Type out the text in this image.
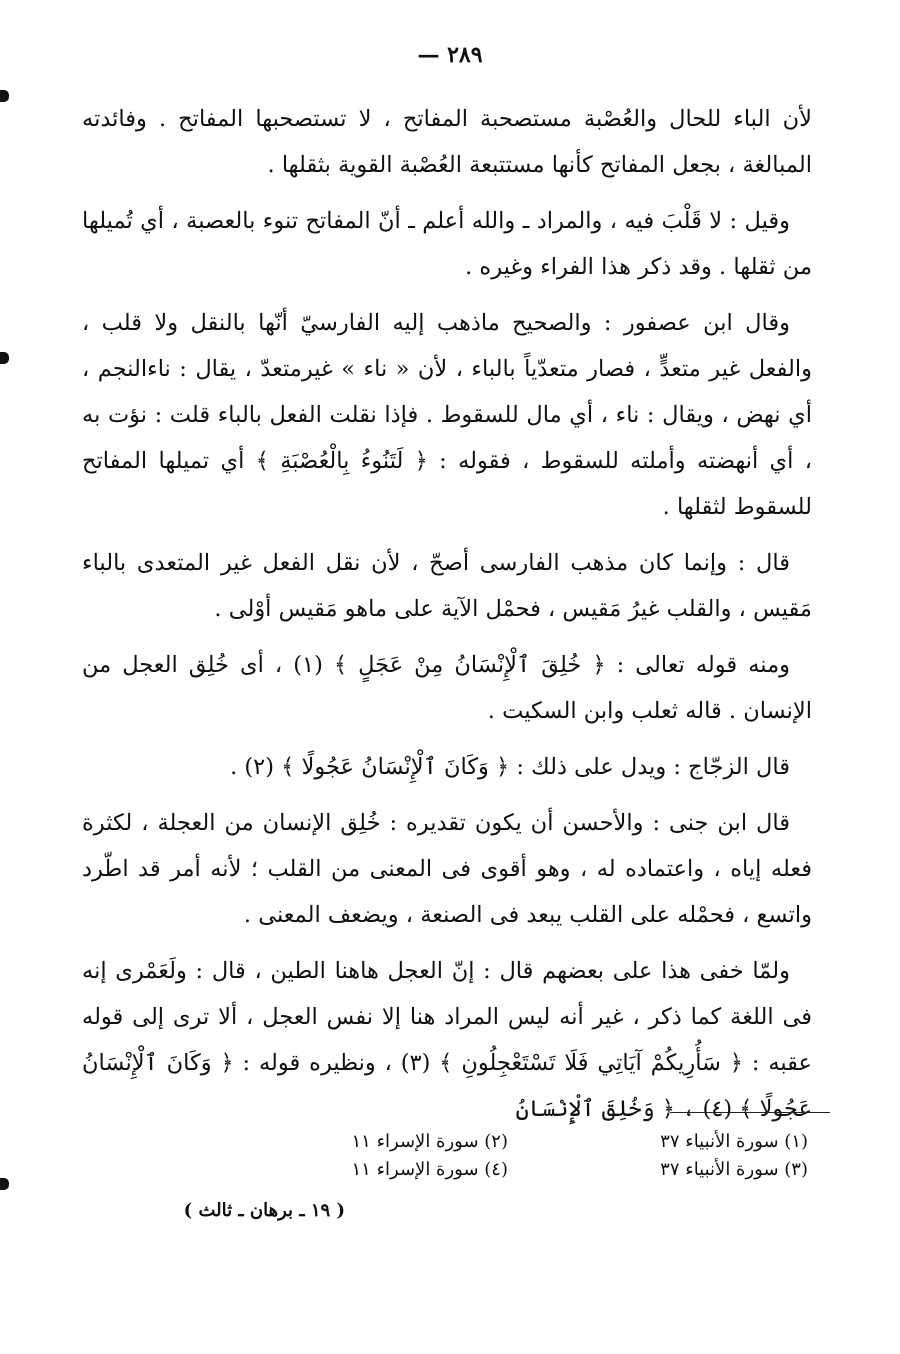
٢٨٩ —

لأن الباء للحال والعُصْبة مستصحبة المفاتح ، لا تستصحبها المفاتح . وفائدته المبالغة ، بجعل المفاتح كأنها مستتبعة العُصْبة القوية بثقلها .

وقيل : لا قَلْبَ فيه ، والمراد ـ والله أعلم ـ أنّ المفاتح تنوء بالعصبة ، أي تُميلها من ثقلها . وقد ذكر هذا الفراء وغيره .

وقال ابن عصفور : والصحيح ماذهب إليه الفارسيّ أنّها بالنقل ولا قلب ، والفعل غير متعدٍّ ، فصار متعدّياً بالباء ، لأن « ناء » غيرمتعدّ ، يقال : ناءالنجم ، أي نهض ، ويقال : ناء ، أي مال للسقوط . فإذا نقلت الفعل بالباء قلت : نؤت به ، أي أنهضته وأملته للسقوط ، فقوله : ﴿ لَتَنُوءُ بِالْعُصْبَةِ ﴾ أي تميلها المفاتح للسقوط لثقلها .

قال : وإنما كان مذهب الفارسى أصحّ ، لأن نقل الفعل غير المتعدى بالباء مَقيس ، والقلب غيرُ مَقيس ، فحمْل الآية على ماهو مَقيس أوْلى .

ومنه قوله تعالى : ﴿ خُلِقَ ٱلْإِنْسَانُ مِنْ عَجَلٍ ﴾ (١) ، أى خُلِق العجل من الإنسان . قاله ثعلب وابن السكيت .

قال الزجّاج : ويدل على ذلك : ﴿ وَكَانَ ٱلْإِنْسَانُ عَجُولًا ﴾ (٢) .

قال ابن جنى : والأحسن أن يكون تقديره : خُلِق الإنسان من العجلة ، لكثرة فعله إياه ، واعتماده له ، وهو أقوى فى المعنى من القلب ؛ لأنه أمر قد اطّرد واتسع ، فحمْله على القلب يبعد فى الصنعة ، ويضعف المعنى .

ولمّا خفى هذا على بعضهم قال : إنّ العجل هاهنا الطين ، قال : ولَعَمْرى إنه فى اللغة كما ذكر ، غير أنه ليس المراد هنا إلا نفس العجل ، ألا ترى إلى قوله عقبه : ﴿ سَأُرِيكُمْ آيَاتِي فَلَا تَسْتَعْجِلُونِ ﴾ (٣) ، ونظيره قوله : ﴿ وَكَانَ ٱلْإِنْسَانُ عَجُولًا ﴾ (٤) ، ﴿ وَخُلِقَ ٱلْإِنْسَانُ

(١) سورة الأنبياء ٣٧
(٢) سورة الإسراء ١١
(٣) سورة الأنبياء ٣٧
(٤) سورة الإسراء ١١
( ١٩ ـ برهان ـ ثالث )
